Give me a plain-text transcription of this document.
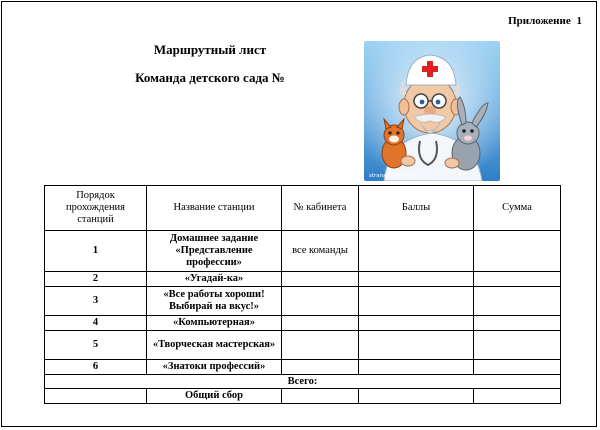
Приложение 1
Маршрутный лист
Команда детского сада №
stranamam.mail.ru
Порядок прохождения станций	Название станции	№ кабинета	Баллы	Сумма
1	Домашнее задание «Представление профессии»	все команды		
2	«Угадай-ка»			
3	«Все работы хороши! Выбирай на вкус!»			
4	«Компьютерная»			
5	«Творческая мастерская»			
6	«Знатоки профессий»			
Всего:				
	Общий сбор			
